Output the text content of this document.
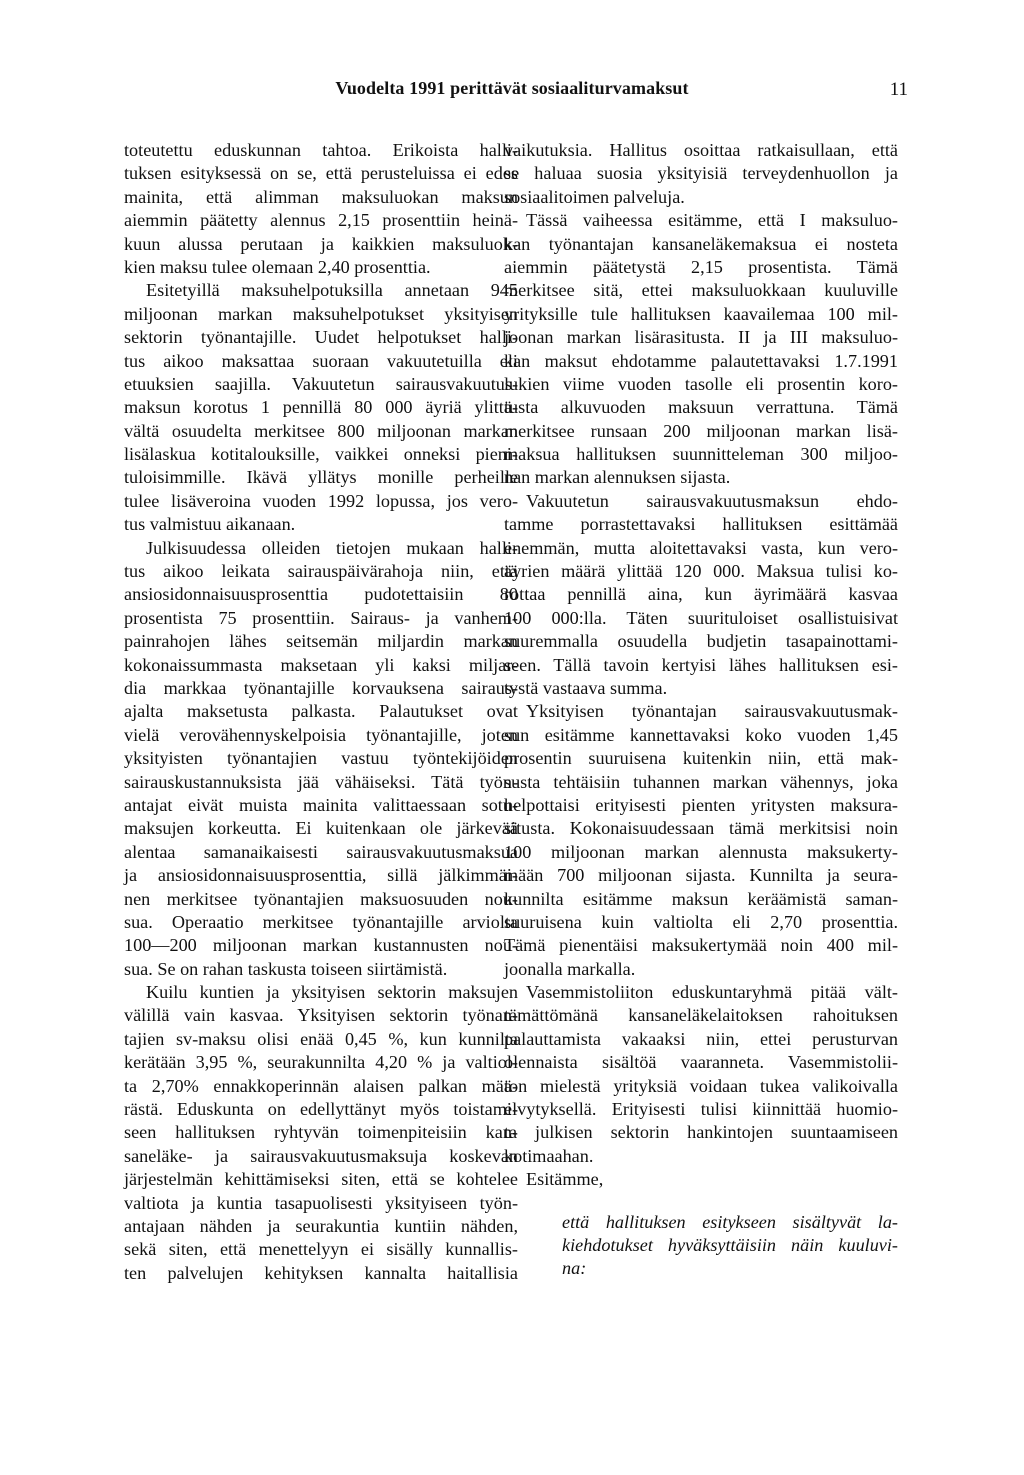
Vuodelta 1991 perittävät sosiaaliturvamaksut	11
toteutettu eduskunnan tahtoa. Erikoista halli-
tuksen esityksessä on se, että perusteluissa ei edes
mainita, että alimman maksuluokan maksun
aiemmin päätetty alennus 2,15 prosenttiin heinä-
kuun alussa perutaan ja kaikkien maksuluok-
kien maksu tulee olemaan 2,40 prosenttia.
Esitetyillä maksuhelpotuksilla annetaan 945
miljoonan markan maksuhelpotukset yksityisen
sektorin työnantajille. Uudet helpotukset halli-
tus aikoo maksattaa suoraan vakuutetuilla eli
etuuksien saajilla. Vakuutetun sairausvakuutus-
maksun korotus 1 pennillä 80 000 äyriä ylittä-
vältä osuudelta merkitsee 800 miljoonan markan
lisälaskua kotitalouksille, vaikkei onneksi pieni-
tuloisimmille. Ikävä yllätys monille perheille
tulee lisäveroina vuoden 1992 lopussa, jos vero-
tus valmistuu aikanaan.
Julkisuudessa olleiden tietojen mukaan halli-
tus aikoo leikata sairauspäivärahoja niin, että
ansiosidonnaisuusprosenttia pudotettaisiin 80
prosentista 75 prosenttiin. Sairaus- ja vanhem-
painrahojen lähes seitsemän miljardin markan
kokonaissummasta maksetaan yli kaksi miljar-
dia markkaa työnantajille korvauksena sairaus-
ajalta maksetusta palkasta. Palautukset ovat
vielä verovähennyskelpoisia työnantajille, joten
yksityisten työnantajien vastuu työntekijöiden
sairauskustannuksista jää vähäiseksi. Tätä työn-
antajat eivät muista mainita valittaessaan sotu-
maksujen korkeutta. Ei kuitenkaan ole järkevää
alentaa samanaikaisesti sairausvakuutusmaksua
ja ansiosidonnaisuusprosenttia, sillä jälkimmäi-
nen merkitsee työnantajien maksuosuuden nou-
sua. Operaatio merkitsee työnantajille arviolta
100—200 miljoonan markan kustannusten nou-
sua. Se on rahan taskusta toiseen siirtämistä.
Kuilu kuntien ja yksityisen sektorin maksujen
välillä vain kasvaa. Yksityisen sektorin työnan-
tajien sv-maksu olisi enää 0,45 %, kun kunnilta
kerätään 3,95 %, seurakunnilta 4,20 % ja valtiol-
ta 2,70% ennakkoperinnän alaisen palkan mää-
rästä. Eduskunta on edellyttänyt myös toistami-
seen hallituksen ryhtyvän toimenpiteisiin kan-
saneläke- ja sairausvakuutusmaksuja koskevan
järjestelmän kehittämiseksi siten, että se kohtelee
valtiota ja kuntia tasapuolisesti yksityiseen työn-
antajaan nähden ja seurakuntia kuntiin nähden,
sekä siten, että menettelyyn ei sisälly kunnallis-
ten palvelujen kehityksen kannalta haitallisia
vaikutuksia. Hallitus osoittaa ratkaisullaan, että
se haluaa suosia yksityisiä terveydenhuollon ja
sosiaalitoimen palveluja.
Tässä vaiheessa esitämme, että I maksuluo-
kan työnantajan kansaneläkemaksua ei nosteta
aiemmin päätetystä 2,15 prosentista. Tämä
merkitsee sitä, ettei maksuluokkaan kuuluville
yrityksille tule hallituksen kaavailemaa 100 mil-
joonan markan lisärasitusta. II ja III maksuluo-
kan maksut ehdotamme palautettavaksi 1.7.1991
lukien viime vuoden tasolle eli prosentin koro-
tusta alkuvuoden maksuun verrattuna. Tämä
merkitsee runsaan 200 miljoonan markan lisä-
maksua hallituksen suunnitteleman 300 miljoo-
nan markan alennuksen sijasta.
Vakuutetun sairausvakuutusmaksun ehdo-
tamme porrastettavaksi hallituksen esittämää
enemmän, mutta aloitettavaksi vasta, kun vero-
äyrien määrä ylittää 120 000. Maksua tulisi ko-
rottaa pennillä aina, kun äyrimäärä kasvaa
100 000:lla. Täten suurituloiset osallistuisivat
suuremmalla osuudella budjetin tasapainottami-
seen. Tällä tavoin kertyisi lähes hallituksen esi-
tystä vastaava summa.
Yksityisen työnantajan sairausvakuutusmak-
sun esitämme kannettavaksi koko vuoden 1,45
prosentin suuruisena kuitenkin niin, että mak-
susta tehtäisiin tuhannen markan vähennys, joka
helpottaisi erityisesti pienten yritysten maksura-
situsta. Kokonaisuudessaan tämä merkitsisi noin
100 miljoonan markan alennusta maksukerty-
mään 700 miljoonan sijasta. Kunnilta ja seura-
kunnilta esitämme maksun keräämistä saman-
suuruisena kuin valtiolta eli 2,70 prosenttia.
Tämä pienentäisi maksukertymää noin 400 mil-
joonalla markalla.
Vasemmistoliiton eduskuntaryhmä pitää vält-
tämättömänä kansaneläkelaitoksen rahoituksen
palauttamista vakaaksi niin, ettei perusturvan
olennaista sisältöä vaaranneta. Vasemmistolii-
ton mielestä yrityksiä voidaan tukea valikoivalla
elvytyksellä. Erityisesti tulisi kiinnittää huomio-
ta julkisen sektorin hankintojen suuntaamiseen
kotimaahan.
Esitämme,
että hallituksen esitykseen sisältyvät la-
kiehdotukset hyväksyttäisiin näin kuuluvi-
na:
